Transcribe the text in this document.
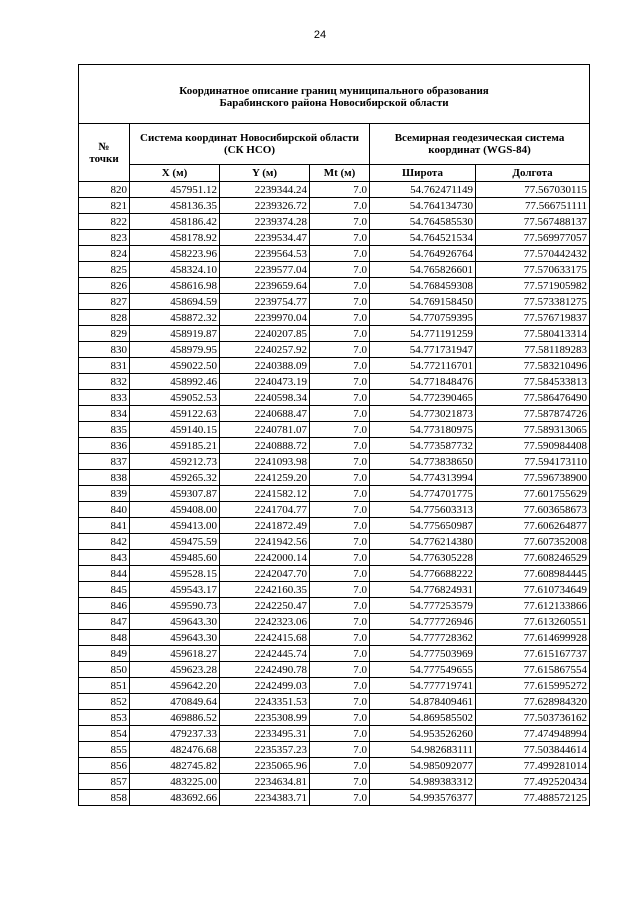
24
Координатное описание границ муниципального образования
Барабинского района Новосибирской области					

№
точки	Система координат Новосибирской области (СК НСО)			Всемирная геодезическая система координат (WGS-84)	
	X (м)	Y (м)	Mt (м)	Широта	Долгота
820	457951.12	2239344.24	7.0	54.762471149	77.567030115
821	458136.35	2239326.72	7.0	54.764134730	77.566751111
822	458186.42	2239374.28	7.0	54.764585530	77.567488137
823	458178.92	2239534.47	7.0	54.764521534	77.569977057
824	458223.96	2239564.53	7.0	54.764926764	77.570442432
825	458324.10	2239577.04	7.0	54.765826601	77.570633175
826	458616.98	2239659.64	7.0	54.768459308	77.571905982
827	458694.59	2239754.77	7.0	54.769158450	77.573381275
828	458872.32	2239970.04	7.0	54.770759395	77.576719837
829	458919.87	2240207.85	7.0	54.771191259	77.580413314
830	458979.95	2240257.92	7.0	54.771731947	77.581189283
831	459022.50	2240388.09	7.0	54.772116701	77.583210496
832	458992.46	2240473.19	7.0	54.771848476	77.584533813
833	459052.53	2240598.34	7.0	54.772390465	77.586476490
834	459122.63	2240688.47	7.0	54.773021873	77.587874726
835	459140.15	2240781.07	7.0	54.773180975	77.589313065
836	459185.21	2240888.72	7.0	54.773587732	77.590984408
837	459212.73	2241093.98	7.0	54.773838650	77.594173110
838	459265.32	2241259.20	7.0	54.774313994	77.596738900
839	459307.87	2241582.12	7.0	54.774701775	77.601755629
840	459408.00	2241704.77	7.0	54.775603313	77.603658673
841	459413.00	2241872.49	7.0	54.775650987	77.606264877
842	459475.59	2241942.56	7.0	54.776214380	77.607352008
843	459485.60	2242000.14	7.0	54.776305228	77.608246529
844	459528.15	2242047.70	7.0	54.776688222	77.608984445
845	459543.17	2242160.35	7.0	54.776824931	77.610734649
846	459590.73	2242250.47	7.0	54.777253579	77.612133866
847	459643.30	2242323.06	7.0	54.777726946	77.613260551
848	459643.30	2242415.68	7.0	54.777728362	77.614699928
849	459618.27	2242445.74	7.0	54.777503969	77.615167737
850	459623.28	2242490.78	7.0	54.777549655	77.615867554
851	459642.20	2242499.03	7.0	54.777719741	77.615995272
852	470849.64	2243351.53	7.0	54.878409461	77.628984320
853	469886.52	2235308.99	7.0	54.869585502	77.503736162
854	479237.33	2233495.31	7.0	54.953526260	77.474948994
855	482476.68	2235357.23	7.0	54.982683111	77.503844614
856	482745.82	2235065.96	7.0	54.985092077	77.499281014
857	483225.00	2234634.81	7.0	54.989383312	77.492520434
858	483692.66	2234383.71	7.0	54.993576377	77.488572125
